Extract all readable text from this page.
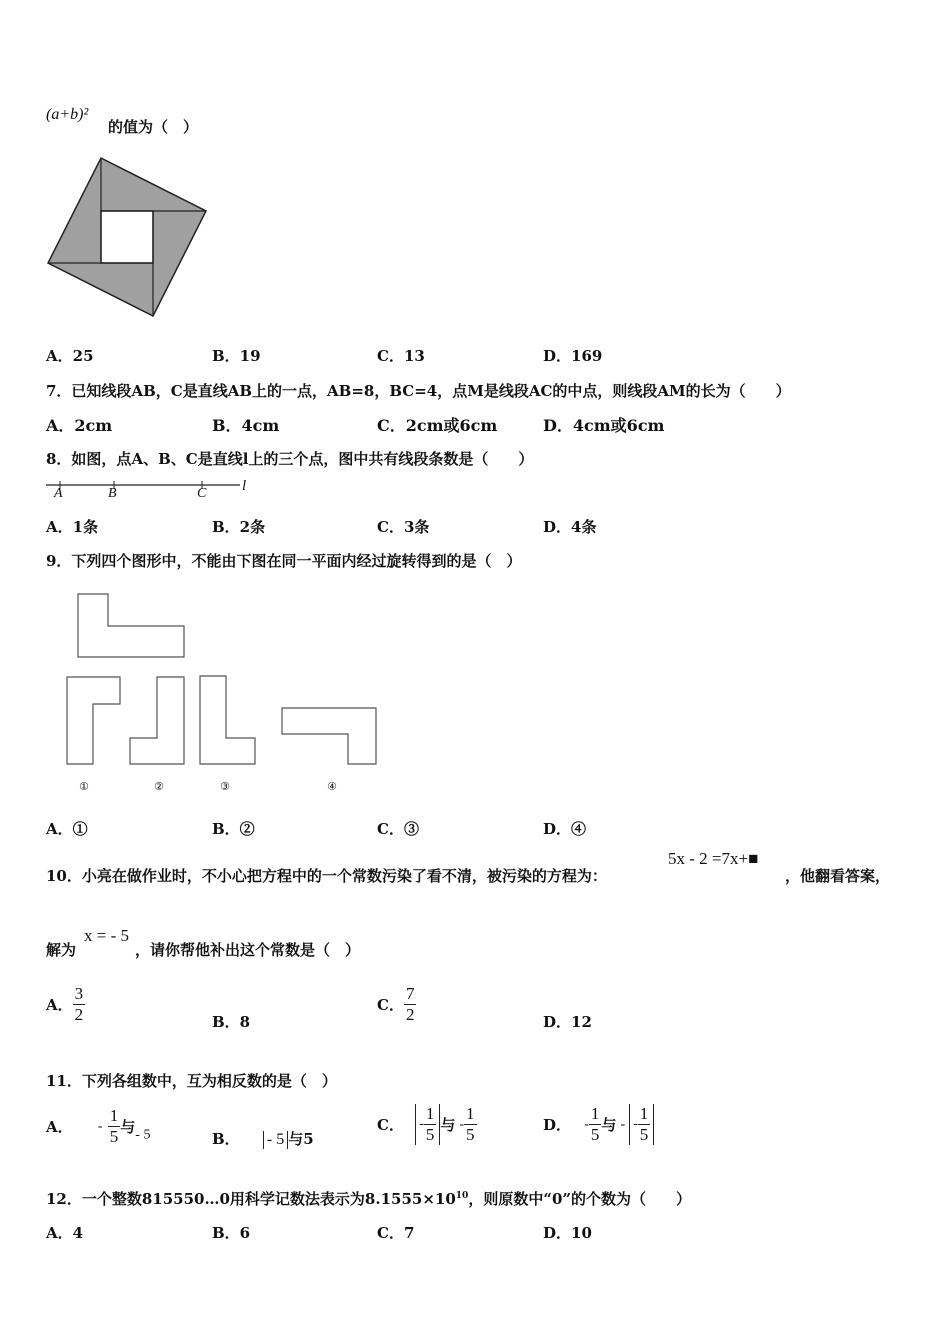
(a+b)²
的值为（　）
A．25	B．19	C．13	D．169
7．已知线段AB，C是直线AB上的一点，AB=8，BC=4，点M是线段AC的中点，则线段AM的长为（　　）
A．2cm	B．4cm	C．2cm或6cm	D．4cm或6cm
8．如图，点A、B、C是直线l上的三个点，图中共有线段条数是（　　）
A	B	C l
A．1条	B．2条	C．3条	D．4条
9．下列四个图形中，不能由下图在同一平面内经过旋转得到的是（　）
①	②	③	④
A．①	B．②	C．③	D．④
10．小亮在做作业时，不小心把方程中的一个常数污染了看不清，被污染的方程为：
5x - 2 =7x+■
，他翻看答案，
解为
x = - 5
，请你帮他补出这个常数是（　）
A． $\frac{3}{2}$	B．8
C． $\frac{7}{2}$	D．12
11．下列各组数中，互为相反数的是（　）
A． - $\frac{1}{5}$ 与- 5	B． - 5 与5
C． - $\frac{1}{5}$ 与 - $\frac{1}{5}$	D． - $\frac{1}{5}$ 与 - - $\frac{1}{5}$
12．一个整数815550…0用科学记数法表示为$8.1555\times 10^{10}$，则原数中“0”的个数为（　　）
A．4	B．6	C．7	D．10
